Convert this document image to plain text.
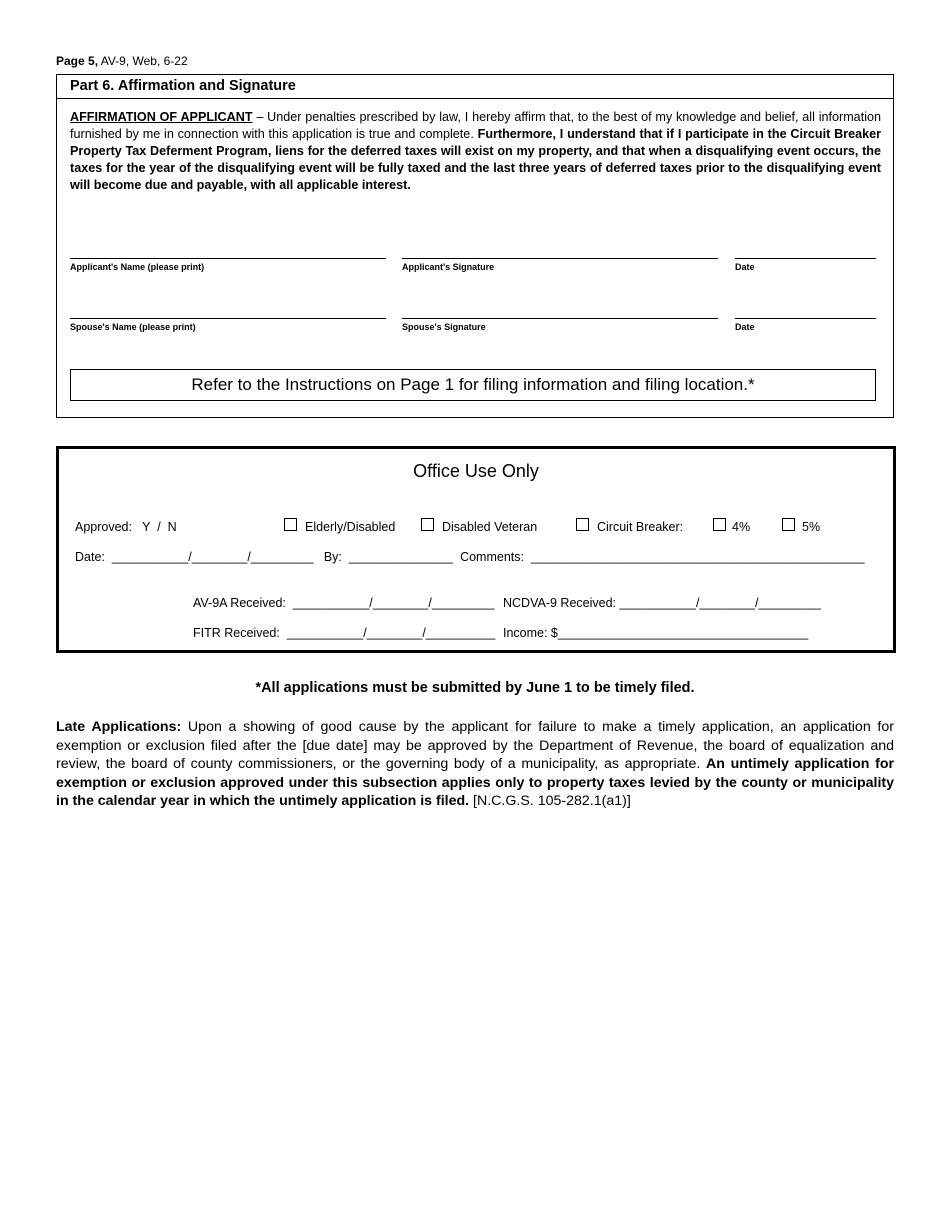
Page 5, AV-9, Web, 6-22
Part 6. Affirmation and Signature
AFFIRMATION OF APPLICANT – Under penalties prescribed by law, I hereby affirm that, to the best of my knowledge and belief, all information furnished by me in connection with this application is true and complete. Furthermore, I understand that if I participate in the Circuit Breaker Property Tax Deferment Program, liens for the deferred taxes will exist on my property, and that when a disqualifying event occurs, the taxes for the year of the disqualifying event will be fully taxed and the last three years of deferred taxes prior to the disqualifying event will become due and payable, with all applicable interest.
Applicant's Name (please print)	Applicant's Signature	Date
Spouse's Name (please print)	Spouse's Signature	Date
Refer to the Instructions on Page 1 for filing information and filing location.*
Office Use Only
Approved:   Y  /  N	Elderly/Disabled	Disabled Veteran	Circuit Breaker:	4%	5%
Date:  ___________/________/_________   By:  _______________  Comments:  ________________________________________________
AV-9A Received:  ___________/________/_________ NCDVA-9 Received: ___________/________/_________
FITR Received:  ___________/________/__________ Income: $____________________________________
*All applications must be submitted by June 1 to be timely filed.
Late Applications: Upon a showing of good cause by the applicant for failure to make a timely application, an application for exemption or exclusion filed after the [due date] may be approved by the Department of Revenue, the board of equalization and review, the board of county commissioners, or the governing body of a municipality, as appropriate. An untimely application for exemption or exclusion approved under this subsection applies only to property taxes levied by the county or municipality in the calendar year in which the untimely application is filed. [N.C.G.S. 105-282.1(a1)]
